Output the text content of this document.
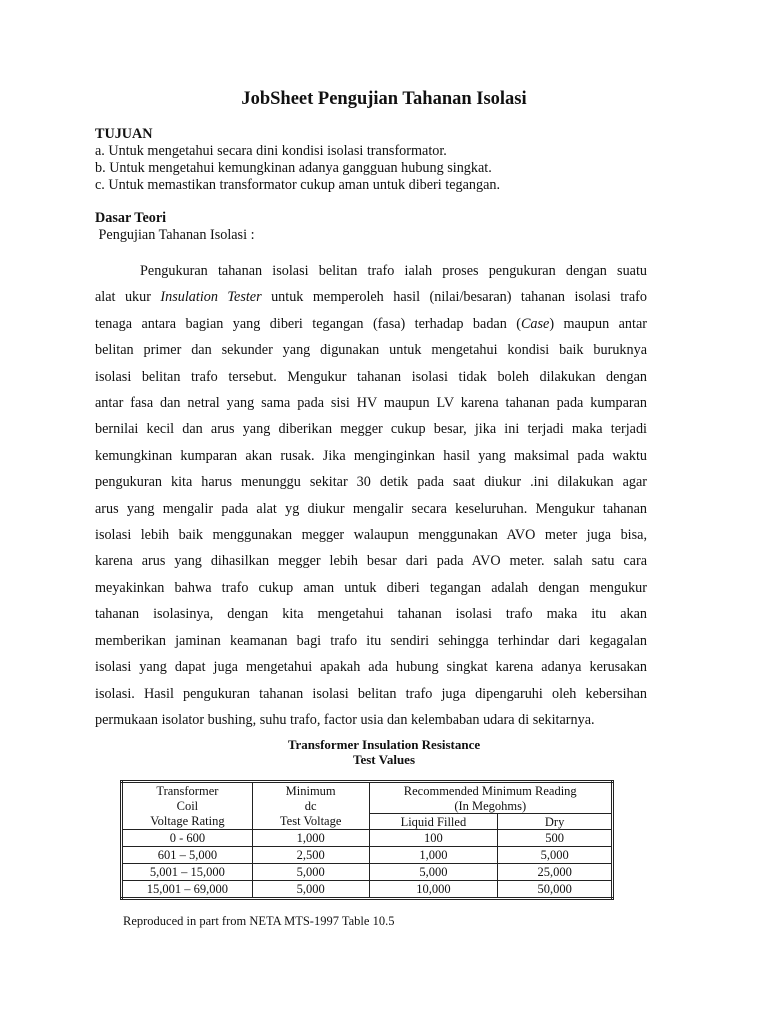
JobSheet Pengujian Tahanan Isolasi
TUJUAN
a. Untuk mengetahui secara dini kondisi isolasi transformator.
b. Untuk mengetahui kemungkinan adanya gangguan hubung singkat.
c. Untuk memastikan transformator cukup aman untuk diberi tegangan.
Dasar Teori
Pengujian Tahanan Isolasi :
Pengukuran tahanan isolasi belitan trafo ialah proses pengukuran dengan suatu
alat ukur Insulation Tester untuk memperoleh hasil (nilai/besaran) tahanan isolasi trafo
tenaga antara bagian yang diberi tegangan (fasa) terhadap badan (Case) maupun antar
belitan primer dan sekunder yang digunakan untuk mengetahui kondisi baik buruknya
isolasi belitan trafo tersebut. Mengukur tahanan isolasi tidak boleh dilakukan dengan
antar fasa dan netral yang sama pada sisi HV maupun LV karena tahanan pada kumparan
bernilai kecil dan arus yang diberikan megger cukup besar, jika ini terjadi maka terjadi
kemungkinan kumparan akan rusak. Jika menginginkan hasil yang maksimal pada waktu
pengukuran kita harus menunggu sekitar 30 detik pada saat diukur .ini dilakukan agar
arus yang mengalir pada alat yg diukur mengalir secara keseluruhan. Mengukur tahanan
isolasi lebih baik menggunakan megger walaupun menggunakan AVO meter juga bisa,
karena arus yang dihasilkan megger lebih besar dari pada AVO meter. salah satu cara
meyakinkan bahwa trafo cukup aman untuk diberi tegangan adalah dengan mengukur
tahanan isolasinya, dengan kita mengetahui tahanan isolasi trafo maka itu akan
memberikan jaminan keamanan bagi trafo itu sendiri sehingga terhindar dari kegagalan
isolasi yang dapat juga mengetahui apakah ada hubung singkat karena adanya kerusakan
isolasi. Hasil pengukuran tahanan isolasi belitan trafo juga dipengaruhi oleh kebersihan
permukaan isolator bushing, suhu trafo, factor usia dan kelembaban udara di sekitarnya.
Transformer Insulation Resistance
Test Values
Transformer	Minimum	Recommended Minimum Reading	
Coil	dc	(In Megohms)	
Voltage Rating	Test Voltage	Liquid Filled	Dry
0 - 600	1,000	100	500
601 – 5,000	2,500	1,000	5,000
5,001 – 15,000	5,000	5,000	25,000
15,001 – 69,000	5,000	10,000	50,000
Reproduced in part from NETA MTS-1997 Table 10.5
